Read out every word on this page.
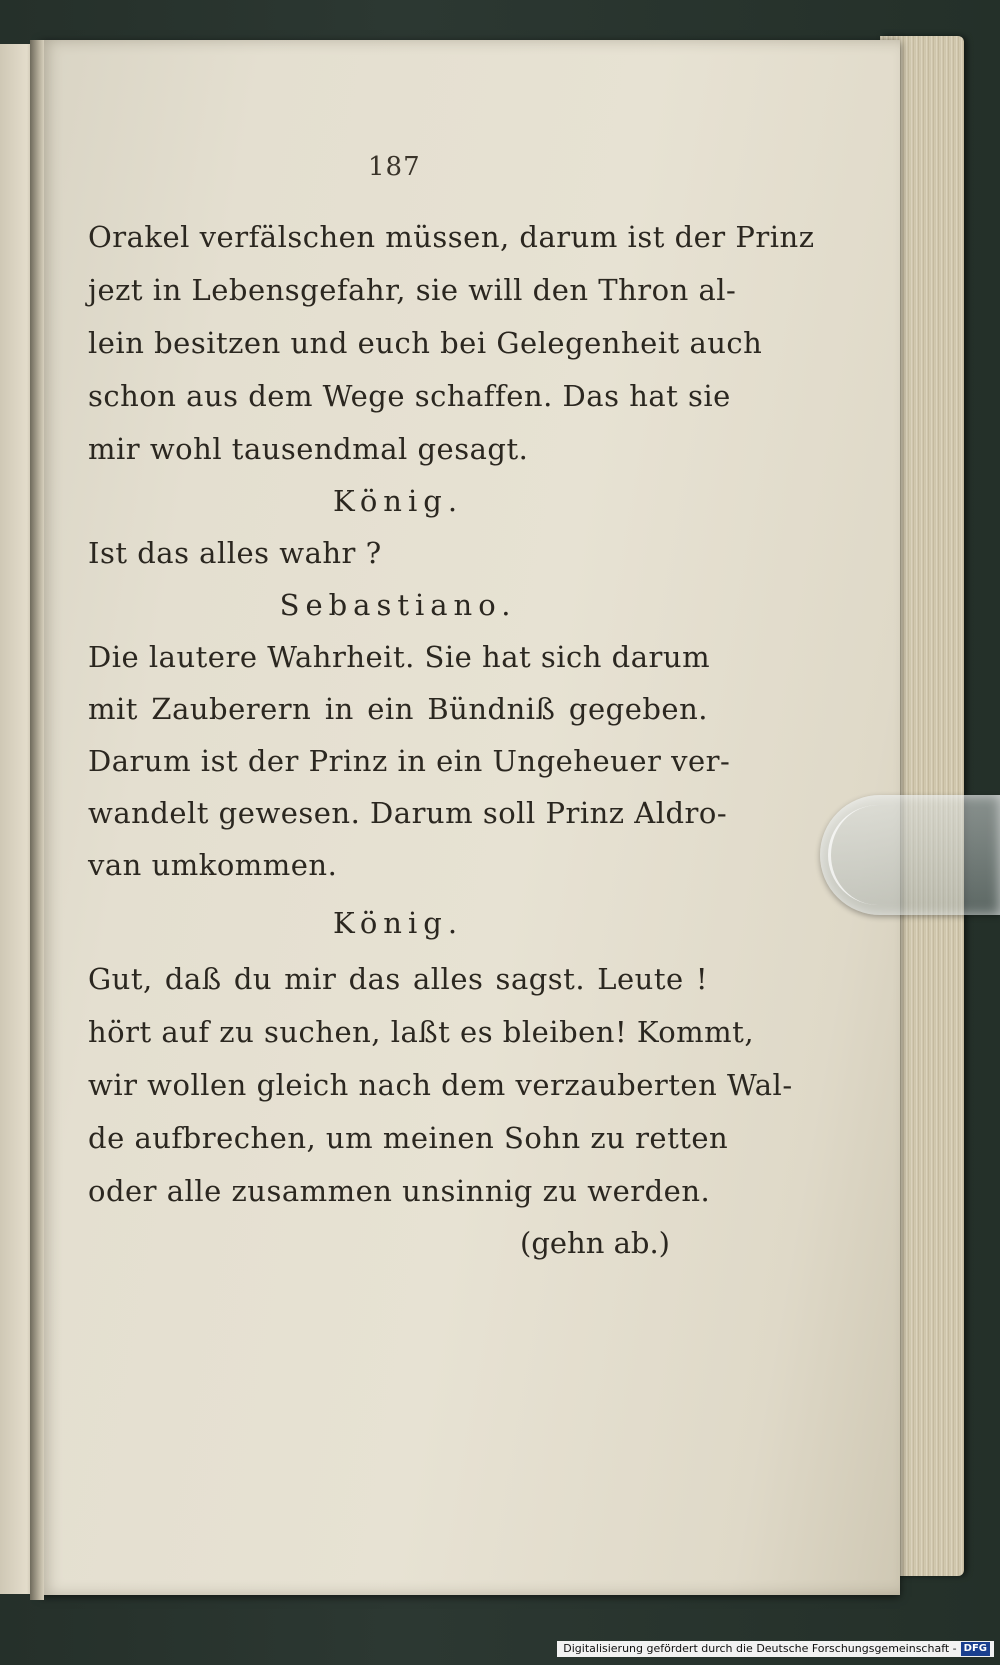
187
Orakel verfälschen müssen, darum ist der Prinz
jezt in Lebensgefahr, sie will den Thron al-
lein besitzen und euch bei Gelegenheit auch
schon aus dem Wege schaffen. Das hat sie
mir wohl tausendmal gesagt.
König.
Ist das alles wahr ?
Sebastiano.
Die lautere Wahrheit. Sie hat sich darum
mit Zauberern in ein Bündniß gegeben.
Darum ist der Prinz in ein Ungeheuer ver-
wandelt gewesen. Darum soll Prinz Aldro-
van umkommen.
König.
Gut, daß du mir das alles sagst. Leute !
hört auf zu suchen, laßt es bleiben! Kommt,
wir wollen gleich nach dem verzauberten Wal-
de aufbrechen, um meinen Sohn zu retten
oder alle zusammen unsinnig zu werden.
(gehn ab.)
Digitalisierung gefördert durch die Deutsche Forschungsgemeinschaft - DFG
